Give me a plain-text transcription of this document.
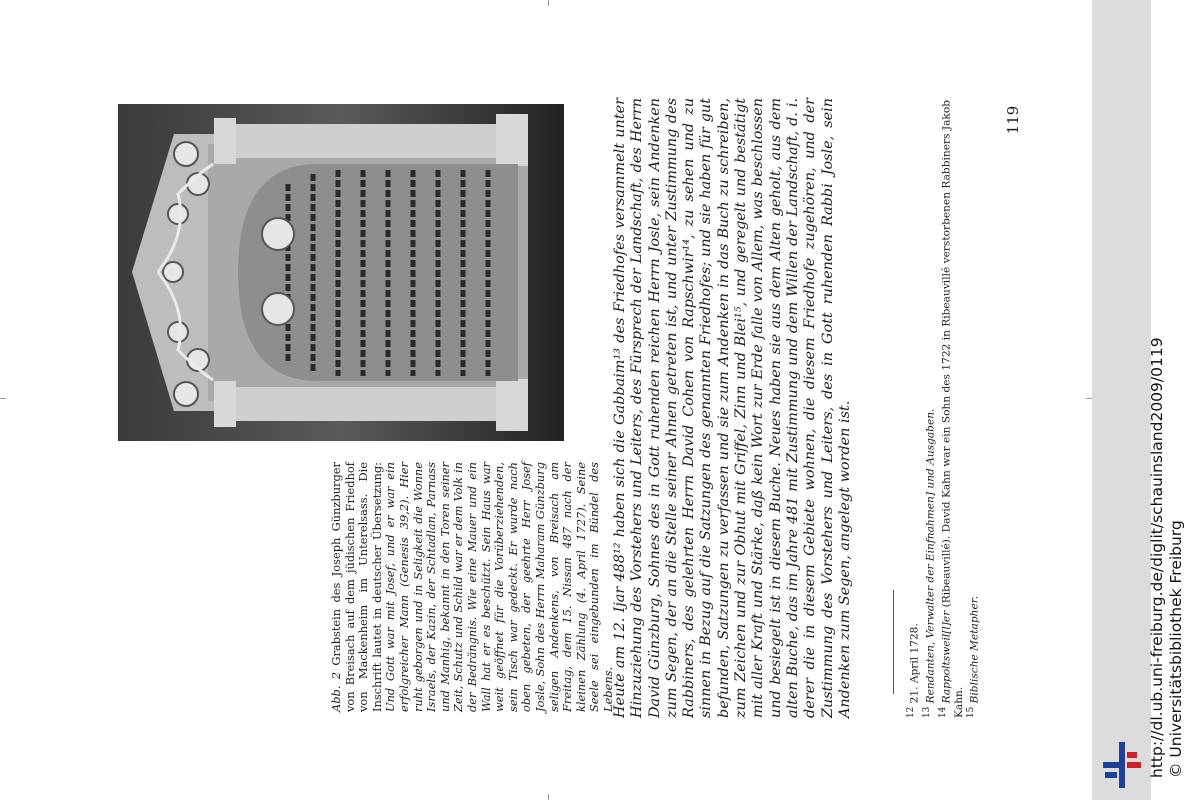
Abb. 2 Grabstein des Joseph Günzburger von Breisach auf dem jüdischen Friedhof von Mackenheim im Unterelsass. Die Inschrift lautet in deutscher Übersetzung: Und Gott war mit Josef, und er war ein erfolgreicher Mann (Genesis 39,2). Hier ruht geborgen und in Seligkeit die Wonne Israels, der Kazin, der Schtadlan, Parnass und Manhig, bekannt in den Toren seiner Zeit, Schutz und Schild war er dem Volk in der Bedrängnis. Wie eine Mauer und ein Wall hat er es beschützt. Sein Haus war weit geöffnet für die Vorüberziehenden, sein Tisch war gedeckt. Er wurde nach oben gebeten, der geehrte Herr Josef Josle, Sohn des Herrn Maharam Günzburg seligen Andenkens, von Breisach am Freitag, dem 15. Nissan 487 nach der kleinen Zählung (4. April 1727). Seine Seele sei eingebunden im Bündel des Lebens.
Heute am 12. Ijar 488¹² haben sich die Gabbaim¹³ des Friedhofes versammelt unter Hinzuziehung des Vorstehers und Leiters, des Fürsprech der Landschaft, des Herrn David Günzburg, Sohnes des in Gott ruhenden reichen Herrn Josle, sein Andenken zum Segen, der an die Stelle seiner Ahnen getreten ist, und unter Zustimmung des Rabbiners, des gelehrten Herrn David Cohen von Rapschwir¹⁴, zu sehen und zu sinnen in Bezug auf die Satzungen des genannten Friedhofes; und sie haben für gut befunden, Satzungen zu verfassen und sie zum Andenken in das Buch zu schreiben, zum Zeichen und zur Obhut mit Griffel, Zinn und Blei¹⁵, und geregelt und bestätigt mit aller Kraft und Stärke, daß kein Wort zur Erde falle von Allem, was beschlossen und besiegelt ist in diesem Buche. Neues haben sie aus dem Alten geholt, aus dem alten Buche, das im Jahre 481 mit Zustimmung und dem Willen der Landschaft, d. i. derer die in diesem Gebiete wohnen, die diesem Friedhofe zugehören, und der Zustimmung des Vorstehers und Leiters, des in Gott ruhenden Rabbi Josle, sein Andenken zum Segen, angelegt worden ist.	$^{12}$ 21. April 1728.

$^{13}$ Rendanten, Verwalter der Einfnahmen] und Ausgaben.

$^{14}$ Rappoltsweil[l]er (Ribeauvillé). David Kahn war ein Sohn des 1722 in Ribeauvillé verstorbenen Rabbiners Jakob Kahn. $^{15}$ Biblische Metapher.

119
http://dl.ub.uni-freiburg.de/diglit/schauinsland2009/0119 © Universitätsbibliothek Freiburg
